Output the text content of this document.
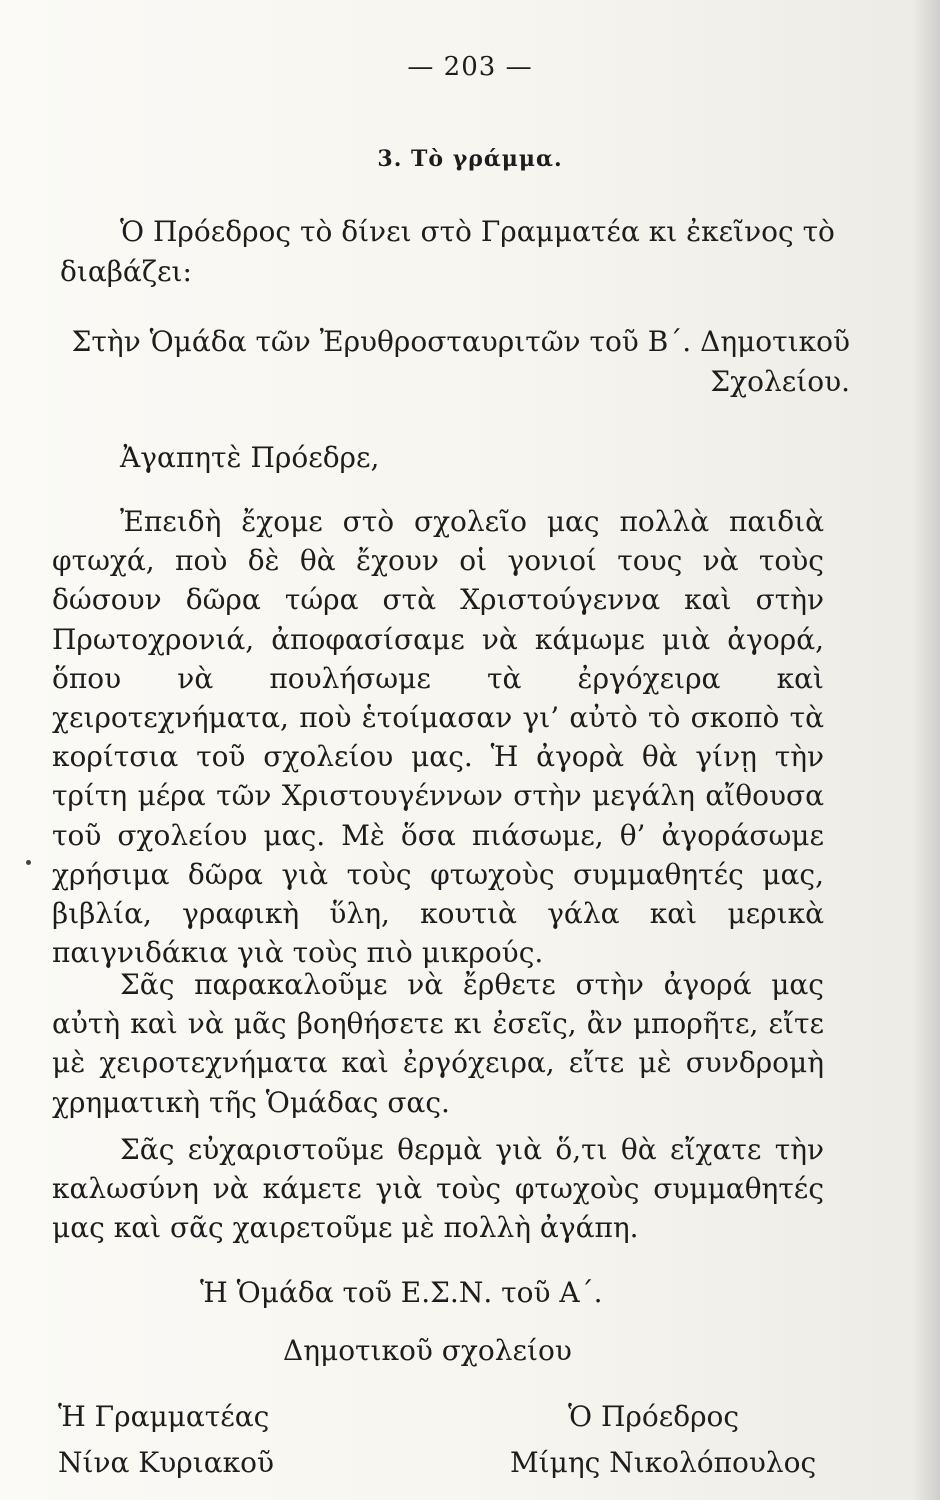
— 203 —
3. Τὸ γράμμα.

Ὁ Πρόεδρος τὸ δίνει στὸ Γραμματέα κι ἐκεῖνος τὸ διαβάζει:

Στὴν Ὁμάδα τῶν Ἐρυθροσταυριτῶν τοῦ Β΄. Δημοτικοῦ
Σχολείου.

Ἀγαπητὲ Πρόεδρε,

Ἐπειδὴ ἔχομε στὸ σχολεῖο μας πολλὰ παιδιὰ φτωχά, ποὺ δὲ θὰ ἔχουν οἱ γονιοί τους νὰ τοὺς δώσουν δῶρα τώρα στὰ Χριστούγεννα καὶ στὴν Πρωτοχρονιά, ἀποφασίσαμε νὰ κάμωμε μιὰ ἀγορά, ὅπου νὰ πουλήσωμε τὰ ἐργόχειρα καὶ χειροτεχνήματα, ποὺ ἑτοίμασαν γι’ αὐτὸ τὸ σκοπὸ τὰ κορίτσια τοῦ σχολείου μας. Ἡ ἀγορὰ θὰ γίνῃ τὴν τρίτη μέρα τῶν Χριστουγέννων στὴν μεγάλη αἴθουσα τοῦ σχολείου μας. Μὲ ὅσα πιάσωμε, θ’ ἀγοράσωμε χρήσιμα δῶρα γιὰ τοὺς φτωχοὺς συμμαθητές μας, βιβλία, γραφικὴ ὕλη, κουτιὰ γάλα καὶ μερικὰ παιγνιδάκια γιὰ τοὺς πιὸ μικρούς.

Σᾶς παρακαλοῦμε νὰ ἔρθετε στὴν ἀγορά μας αὐτὴ καὶ νὰ μᾶς βοηθήσετε κι ἐσεῖς, ἂν μπορῆτε, εἴτε μὲ χειροτεχνήματα καὶ ἐργόχειρα, εἴτε μὲ συνδρομὴ χρηματικὴ τῆς Ὁμάδας σας.

Σᾶς εὐχαριστοῦμε θερμὰ γιὰ ὅ,τι θὰ εἴχατε τὴν καλωσύνη νὰ κάμετε γιὰ τοὺς φτωχοὺς συμμαθητές μας καὶ σᾶς χαιρετοῦμε μὲ πολλὴ ἀγάπη.

Ἡ Ὁμάδα τοῦ Ε.Σ.Ν. τοῦ Α΄.
Δημοτικοῦ σχολείου
Ἡ Γραμματέας
Νίνα Κυριακοῦ
Ὁ Πρόεδρος
Μίμης Νικολόπουλος
